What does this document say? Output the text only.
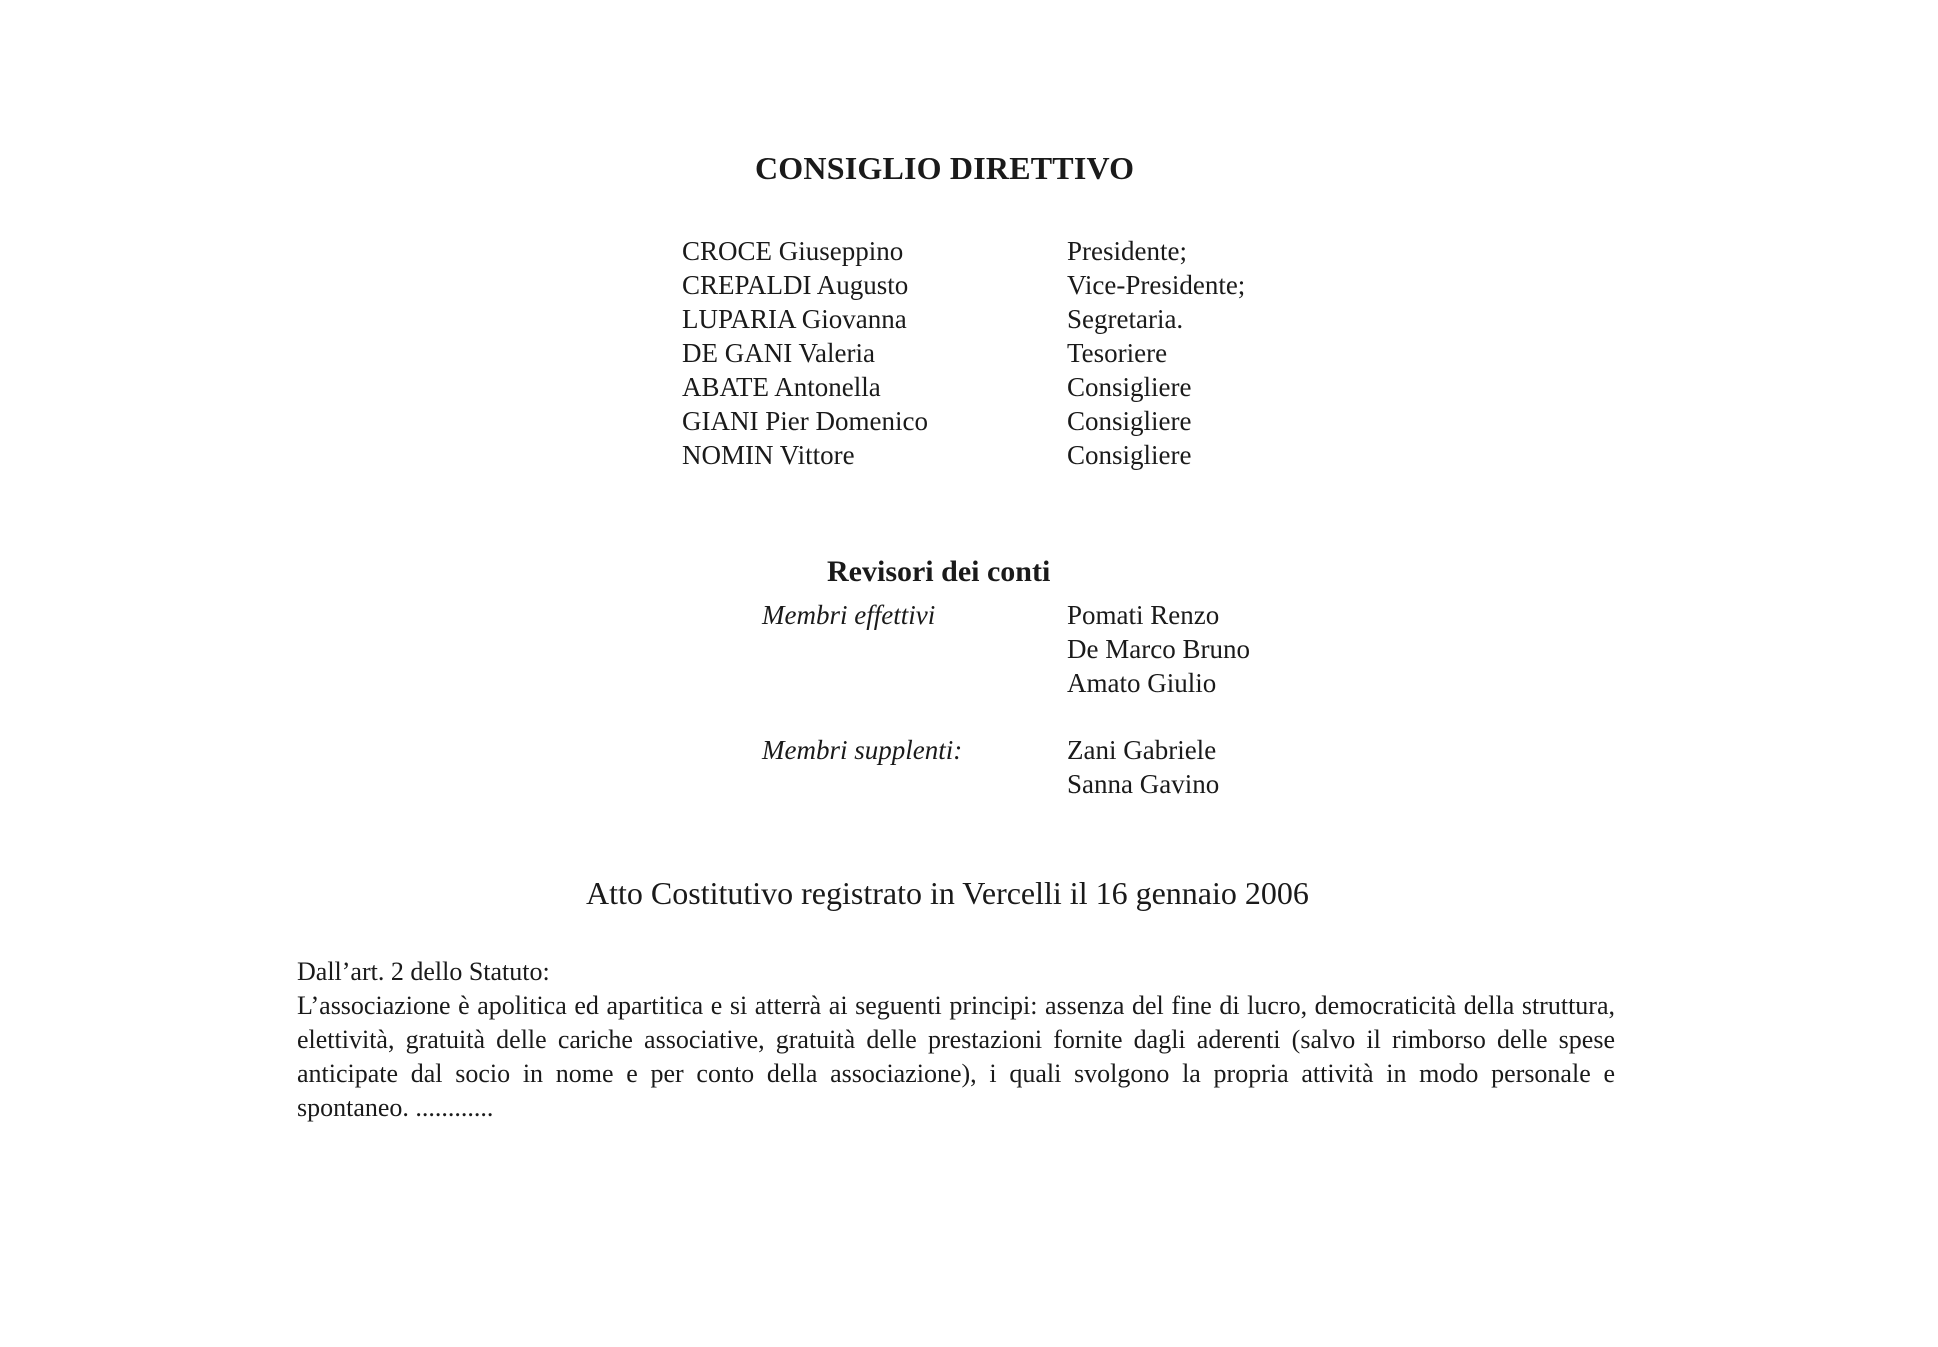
CONSIGLIO DIRETTIVO
CROCE Giuseppino	Presidente;
CREPALDI Augusto	Vice-Presidente;
LUPARIA Giovanna	Segretaria.
DE GANI Valeria	Tesoriere
ABATE Antonella	Consigliere
GIANI Pier Domenico	Consigliere
NOMIN Vittore	Consigliere
Revisori dei conti
Membri effettivi	Pomati Renzo
De Marco Bruno
Amato Giulio
Membri supplenti:	Zani Gabriele
Sanna Gavino
Atto Costitutivo registrato in Vercelli il 16 gennaio 2006
Dall’art. 2 dello Statuto:
L’associazione è apolitica ed apartitica e si atterrà ai seguenti principi: assenza del fine di lucro, democraticità della struttura, elettività, gratuità delle cariche associative, gratuità delle prestazioni fornite dagli aderenti (salvo il rimborso delle spese anticipate dal socio in nome e per conto della associazione), i quali svolgono la propria attività in modo personale e spontaneo. ............
